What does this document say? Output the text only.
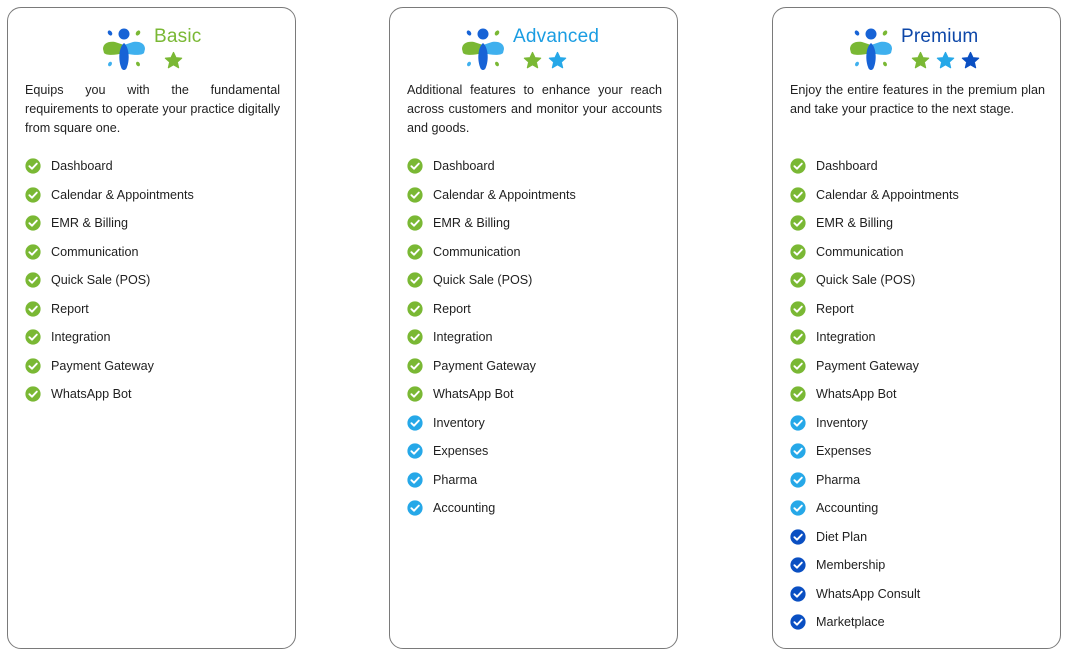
Basic
Equips you with the fundamental requirements to operate your practice digitally from square one.
Dashboard
Calendar & Appointments
EMR & Billing
Communication
Quick Sale (POS)
Report
Integration
Payment Gateway
WhatsApp Bot
Advanced
Additional features to enhance your reach across customers and monitor your accounts and goods.
Dashboard
Calendar & Appointments
EMR & Billing
Communication
Quick Sale (POS)
Report
Integration
Payment Gateway
WhatsApp Bot
Inventory
Expenses
Pharma
Accounting
Premium
Enjoy the entire features in the premium plan and take your practice to the next stage.
Dashboard
Calendar & Appointments
EMR & Billing
Communication
Quick Sale (POS)
Report
Integration
Payment Gateway
WhatsApp Bot
Inventory
Expenses
Pharma
Accounting
Diet Plan
Membership
WhatsApp Consult
Marketplace
